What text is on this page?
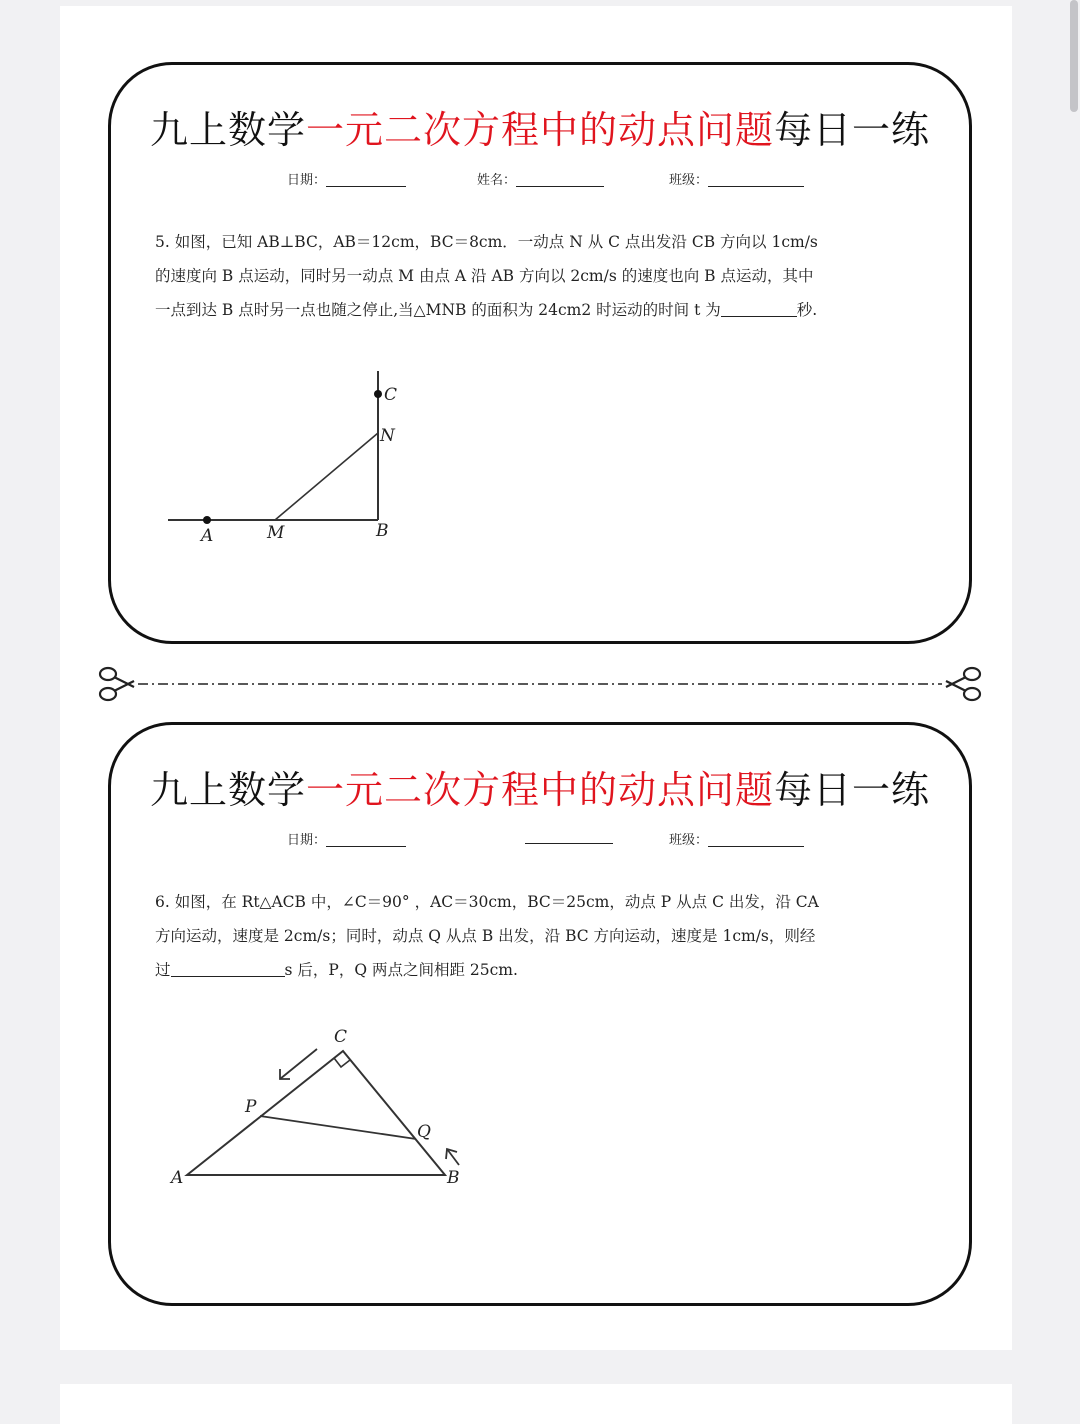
九上数学一元二次方程中的动点问题每日一练
日期：	姓名：	班级：
5. 如图，已知 AB⊥BC，AB＝12cm，BC＝8cm．一动点 N 从 C 点出发沿 CB 方向以 1cm/s
的速度向 B 点运动，同时另一动点 M 由点 A 沿 AB 方向以 2cm/s 的速度也向 B 点运动，其中
一点到达 B 点时另一点也随之停止,当△MNB 的面积为 24cm2 时运动的时间 t 为	秒.
A	M	B
N
C
九上数学一元二次方程中的动点问题每日一练
日期：	班级：
6. 如图，在 Rt△ACB 中，∠C＝90° ，AC＝30cm，BC＝25cm，动点 P 从点 C 出发，沿 CA
方向运动，速度是 2cm/s；同时，动点 Q 从点 B 出发，沿 BC 方向运动，速度是 1cm/s，则经
过	s 后，P，Q 两点之间相距 25cm.
A	B
C
P
Q
